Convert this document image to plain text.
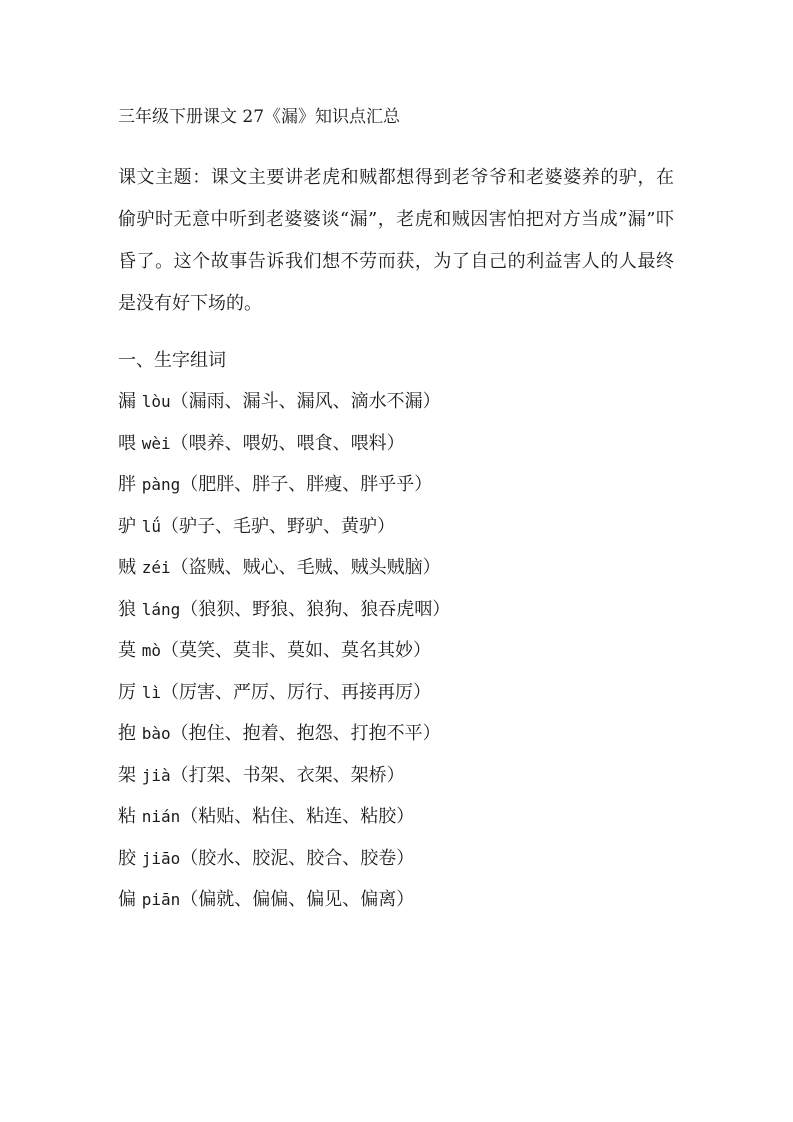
三年级下册课文 27《漏》知识点汇总
课文主题：课文主要讲老虎和贼都想得到老爷爷和老婆婆养的驴，在偷驴时无意中听到老婆婆谈“漏”，老虎和贼因害怕把对方当成”漏”吓昏了。这个故事告诉我们想不劳而获，为了自己的利益害人的人最终是没有好下场的。
一、生字组词
漏 lòu（漏雨、漏斗、漏风、滴水不漏）
喂 wèi（喂养、喂奶、喂食、喂料）
胖 pàng（肥胖、胖子、胖瘦、胖乎乎）
驴 lǘ（驴子、毛驴、野驴、黄驴）
贼 zéi（盗贼、贼心、毛贼、贼头贼脑）
狼 láng（狼狈、野狼、狼狗、狼吞虎咽）
莫 mò（莫笑、莫非、莫如、莫名其妙）
厉 lì（厉害、严厉、厉行、再接再厉）
抱 bào（抱住、抱着、抱怨、打抱不平）
架 jià（打架、书架、衣架、架桥）
粘 nián（粘贴、粘住、粘连、粘胶）
胶 jiāo（胶水、胶泥、胶合、胶卷）
偏 piān（偏就、偏偏、偏见、偏离）
